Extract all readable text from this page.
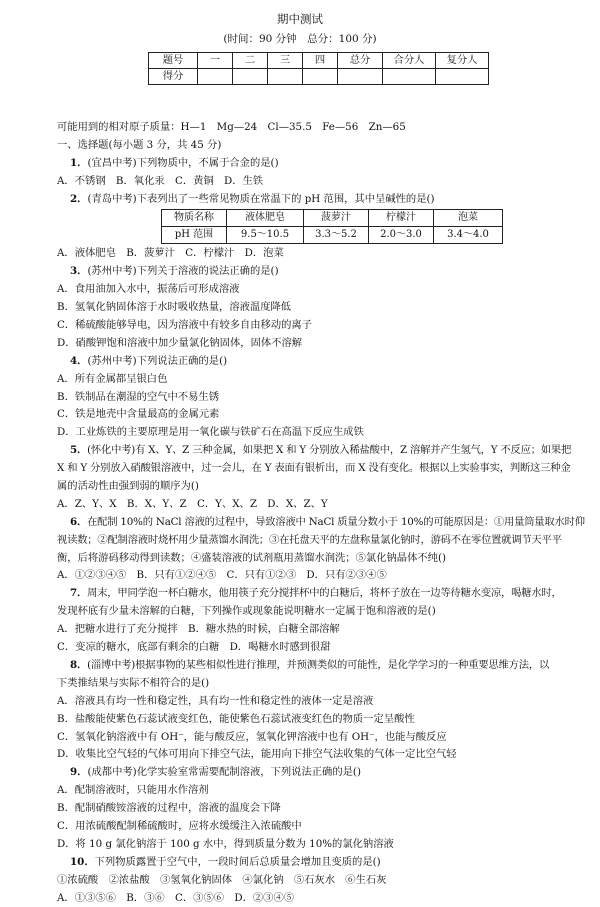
期中测试
(时间：90 分钟　总分：100 分)
题号	一	二	三	四	总分	合分人	复分人
得分							
可能用到的相对原子质量：H—1　Mg—24　Cl—35.5　Fe—56　Zn—65
一、选择题(每小题 3 分，共 45 分)
1．(宜昌中考)下列物质中，不属于合金的是()
A．不锈钢　B．氧化汞　C．黄铜　D．生铁
2．(青岛中考)下表列出了一些常见物质在常温下的 pH 范围，其中呈碱性的是()
物质名称	液体肥皂	菠萝汁	柠檬汁	泡菜
pH 范围	9.5～10.5	3.3～5.2	2.0～3.0	3.4～4.0
A．液体肥皂　B．菠萝汁　C．柠檬汁　D．泡菜
3．(苏州中考)下列关于溶液的说法正确的是()
A．食用油加入水中，振荡后可形成溶液
B．氢氧化钠固体溶于水时吸收热量，溶液温度降低
C．稀硫酸能够导电，因为溶液中有较多自由移动的离子
D．硝酸钾饱和溶液中加少量氯化钠固体，固体不溶解
4．(苏州中考)下列说法正确的是()
A．所有金属都呈银白色
B．铁制品在潮湿的空气中不易生锈
C．铁是地壳中含量最高的金属元素
D．工业炼铁的主要原理是用一氧化碳与铁矿石在高温下反应生成铁
5．(怀化中考)有 X、Y、Z 三种金属，如果把 X 和 Y 分别放入稀盐酸中，Z 溶解并产生氢气，Y 不反应；如果把
X 和 Y 分别放入硝酸银溶液中，过一会儿，在 Y 表面有银析出，而 X 没有变化。根据以上实验事实，判断这三种金
属的活动性由强到弱的顺序为()
A．Z、Y、X　B．X、Y、Z　C．Y、X、Z　D．X、Z、Y
6．在配制 10%的 NaCl 溶液的过程中，导致溶液中 NaCl 质量分数小于 10%的可能原因是：①用量筒量取水时仰
视读数；②配制溶液时烧杯用少量蒸馏水润洗；③在托盘天平的左盘称量氯化钠时，游码不在零位置就调节天平平
衡，后将游码移动得到读数；④盛装溶液的试剂瓶用蒸馏水润洗；⑤氯化钠晶体不纯()
A．①②③④⑤　B．只有①②④⑤　C．只有①②③　D．只有②③④⑤
7．周末，甲同学泡一杯白糖水，他用筷子充分搅拌杯中的白糖后，将杯子放在一边等待糖水变凉，喝糖水时，
发现杯底有少量未溶解的白糖，下列操作或现象能说明糖水一定属于饱和溶液的是()
A．把糖水进行了充分搅拌　B．糖水热的时候，白糖全部溶解
C．变凉的糖水，底部有剩余的白糖　D．喝糖水时感到很甜
8．(淄博中考)根据事物的某些相似性进行推理，并预测类似的可能性，是化学学习的一种重要思维方法，以
下类推结果与实际不相符合的是()
A．溶液具有均一性和稳定性，具有均一性和稳定性的液体一定是溶液
B．盐酸能使紫色石蕊试液变红色，能使紫色石蕊试液变红色的物质一定呈酸性
C．氢氧化钠溶液中有 OH⁻，能与酸反应，氢氧化钾溶液中也有 OH⁻，也能与酸反应
D．收集比空气轻的气体可用向下排空气法，能用向下排空气法收集的气体一定比空气轻
9．(成都中考)化学实验室常需要配制溶液，下列说法正确的是()
A．配制溶液时，只能用水作溶剂
B．配制硝酸铵溶液的过程中，溶液的温度会下降
C．用浓硫酸配制稀硫酸时，应将水缓缓注入浓硫酸中
D．将 10 g 氯化钠溶于 100 g 水中，得到质量分数为 10%的氯化钠溶液
10．下列物质露置于空气中，一段时间后总质量会增加且变质的是()
①浓硫酸　②浓盐酸　③氢氧化钠固体　④氯化钠　⑤石灰水　⑥生石灰
A．①③⑤⑥　B．③⑥　C．③⑤⑥　D．②③④⑤
